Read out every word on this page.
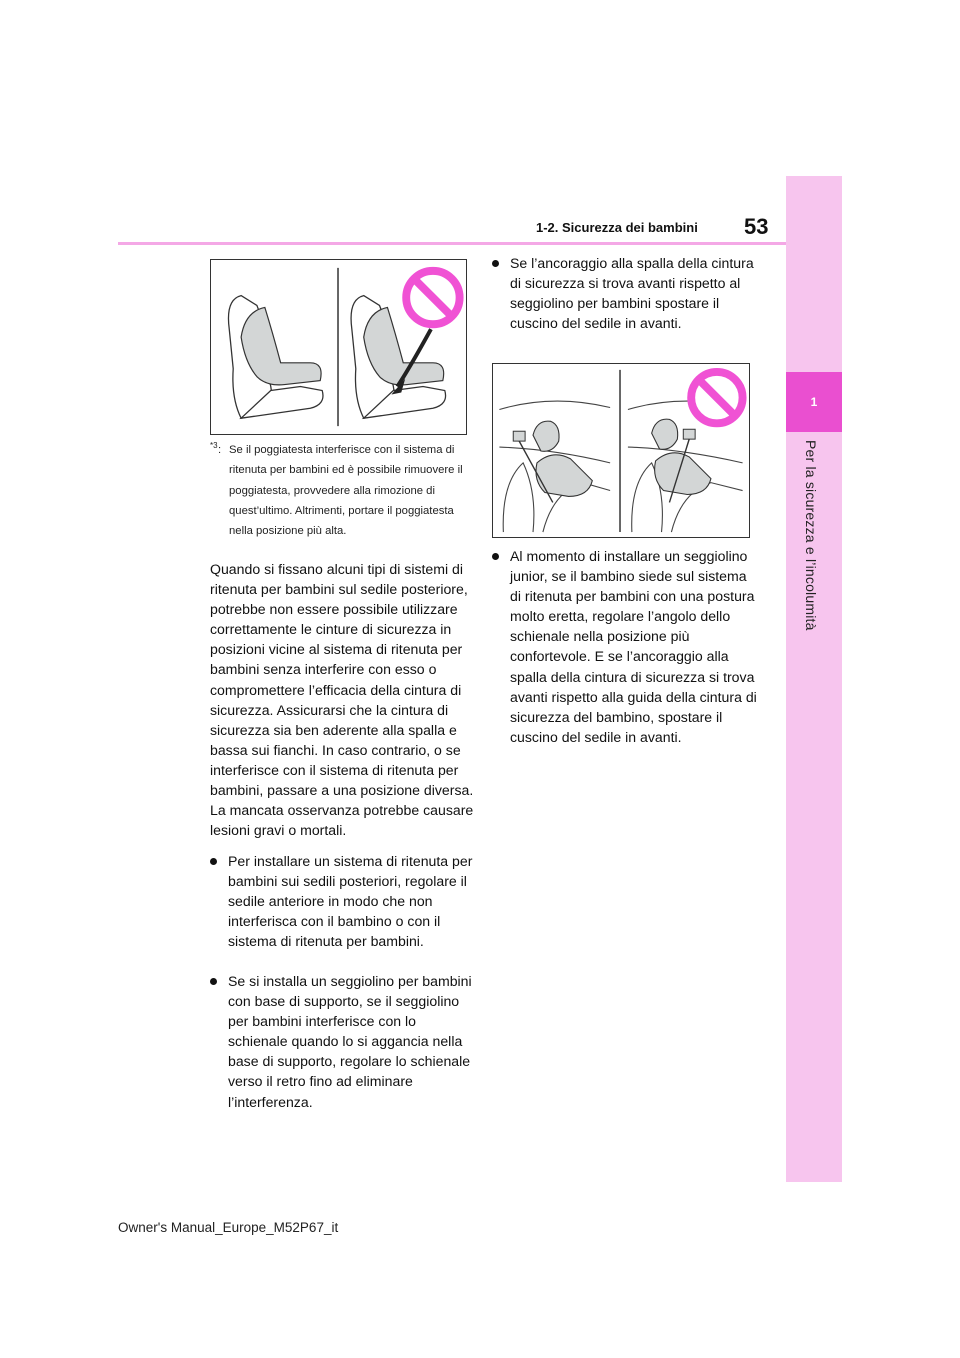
1
Per la sicurezza e l’incolumità
53
1-2. Sicurezza dei bambini
*3 : Se il poggiatesta interferisce con il sistema di ritenuta per bambini ed è possibile rimuovere il poggiatesta, provvedere alla rimozione di quest’ultimo. Altrimenti, portare il poggiatesta nella posizione più alta.
Quando si fissano alcuni tipi di sistemi di ritenuta per bambini sul sedile posteriore, potrebbe non essere possibile utilizzare correttamente le cinture di sicurezza in posizioni vicine al sistema di ritenuta per bambini senza interferire con esso o compromettere l’efficacia della cintura di sicurezza. Assicurarsi che la cintura di sicurezza sia ben aderente alla spalla e bassa sui fianchi. In caso contrario, o se interferisce con il sistema di ritenuta per bambini, passare a una posizione diversa. La mancata osservanza potrebbe causare lesioni gravi o mortali.
Per installare un sistema di ritenuta per bambini sui sedili posteriori, regolare il sedile anteriore in modo che non interferisca con il bambino o con il sistema di ritenuta per bambini.
Se si installa un seggiolino per bambini con base di supporto, se il seggiolino per bambini interferisce con lo schienale quando lo si aggancia nella base di supporto, regolare lo schienale verso il retro fino ad eliminare l’interferenza.
Se l’ancoraggio alla spalla della cintura di sicurezza si trova avanti rispetto al seggiolino per bambini spostare il cuscino del sedile in avanti.
Al momento di installare un seggiolino junior, se il bambino siede sul sistema di ritenuta per bambini con una postura molto eretta, regolare l’angolo dello schienale nella posizione più confortevole. E se l’ancoraggio alla spalla della cintura di sicurezza si trova avanti rispetto alla guida della cintura di sicurezza del bambino, spostare il cuscino del sedile in avanti.
Owner's Manual_Europe_M52P67_it
